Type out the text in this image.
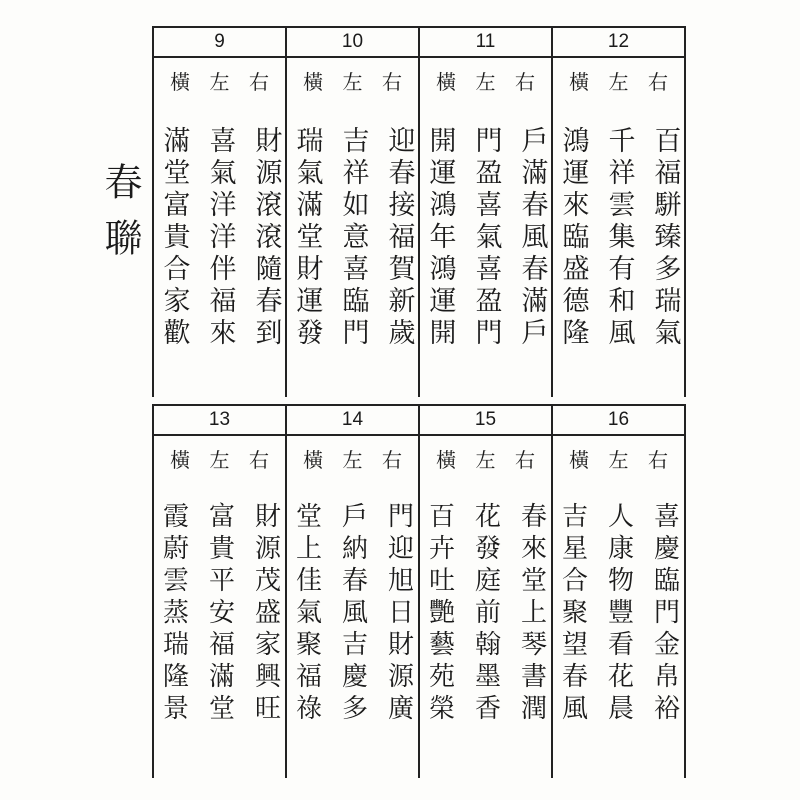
春聯
9
右
左
橫
財源滾滾隨春到
喜氣洋洋伴福來
滿堂富貴合家歡
10
右
左
橫
迎春接福賀新歲
吉祥如意喜臨門
瑞氣滿堂財運發
11
右
左
橫
戶滿春風春滿戶
門盈喜氣喜盈門
開運鴻年鴻運開
12
右
左
橫
百福駢臻多瑞氣
千祥雲集有和風
鴻運來臨盛德隆
13
右
左
橫
財源茂盛家興旺
富貴平安福滿堂
霞蔚雲蒸瑞隆景
14
右
左
橫
門迎旭日財源廣
戶納春風吉慶多
堂上佳氣聚福祿
15
右
左
橫
春來堂上琴書潤
花發庭前翰墨香
百卉吐艷藝苑榮
16
右
左
橫
喜慶臨門金帛裕
人康物豐看花晨
吉星合聚望春風
